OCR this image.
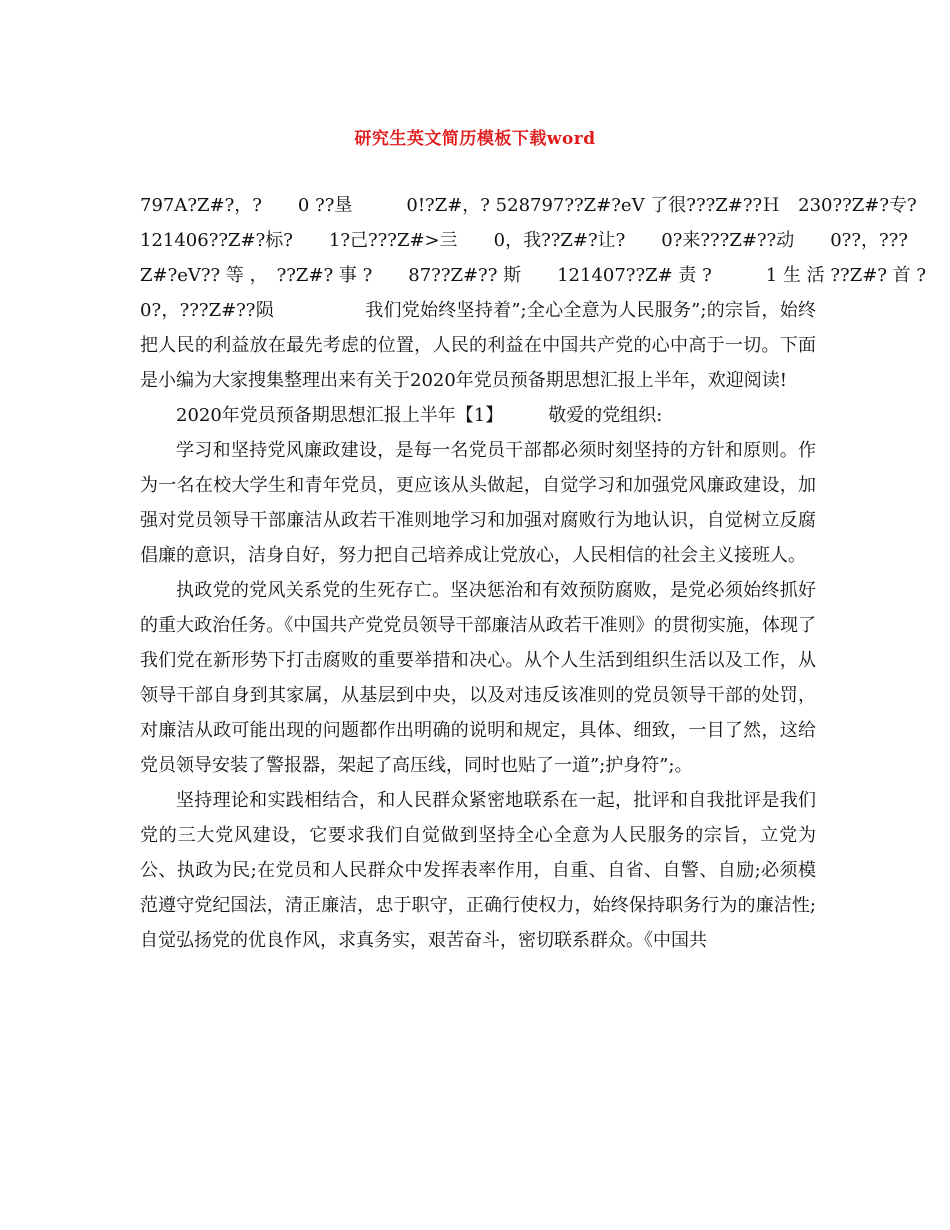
研究生英文简历模板下载word

797A?Z#?，?　　0 ??垦　　　0!?Z#，? 528797??Z#?eV 了很???Z#??Ｈ　230??Z#?专?

121406??Z#?标?　　1?己???Z#>亖　　0，我??Z#?让?　　0?来???Z#??动　　0??，???

Z#?eV?? 等 ，　??Z#? 事 ?　　87??Z#?? 斯　　121407??Z# 责 ?　　　1 生 活 ??Z#? 首 ?

0?，???Z#??陨　　　　　我们党始终坚持着”;全心全意为人民服务”;的宗旨，始终把人民的利益放在最先考虑的位置，人民的利益在中国共产党的心中高于一切。下面是小编为大家搜集整理出来有关于2020年党员预备期思想汇报上半年，欢迎阅读!

2020年党员预备期思想汇报上半年【1】　　　敬爱的党组织:

学习和坚持党风廉政建设，是每一名党员干部都必须时刻坚持的方针和原则。作为一名在校大学生和青年党员，更应该从头做起，自觉学习和加强党风廉政建设，加强对党员领导干部廉洁从政若干准则地学习和加强对腐败行为地认识，自觉树立反腐倡廉的意识，洁身自好，努力把自己培养成让党放心，人民相信的社会主义接班人。

执政党的党风关系党的生死存亡。坚决惩治和有效预防腐败，是党必须始终抓好的重大政治任务。《中国共产党党员领导干部廉洁从政若干准则》的贯彻实施，体现了我们党在新形势下打击腐败的重要举措和决心。从个人生活到组织生活以及工作，从领导干部自身到其家属，从基层到中央，以及对违反该准则的党员领导干部的处罚，对廉洁从政可能出现的问题都作出明确的说明和规定，具体、细致，一目了然，这给党员领导安装了警报器，架起了高压线，同时也贴了一道”;护身符”;。

坚持理论和实践相结合，和人民群众紧密地联系在一起，批评和自我批评是我们党的三大党风建设，它要求我们自觉做到坚持全心全意为人民服务的宗旨，立党为公、执政为民;在党员和人民群众中发挥表率作用，自重、自省、自警、自励;必须模范遵守党纪国法，清正廉洁，忠于职守，正确行使权力，始终保持职务行为的廉洁性;自觉弘扬党的优良作风，求真务实，艰苦奋斗，密切联系群众。《中国共
